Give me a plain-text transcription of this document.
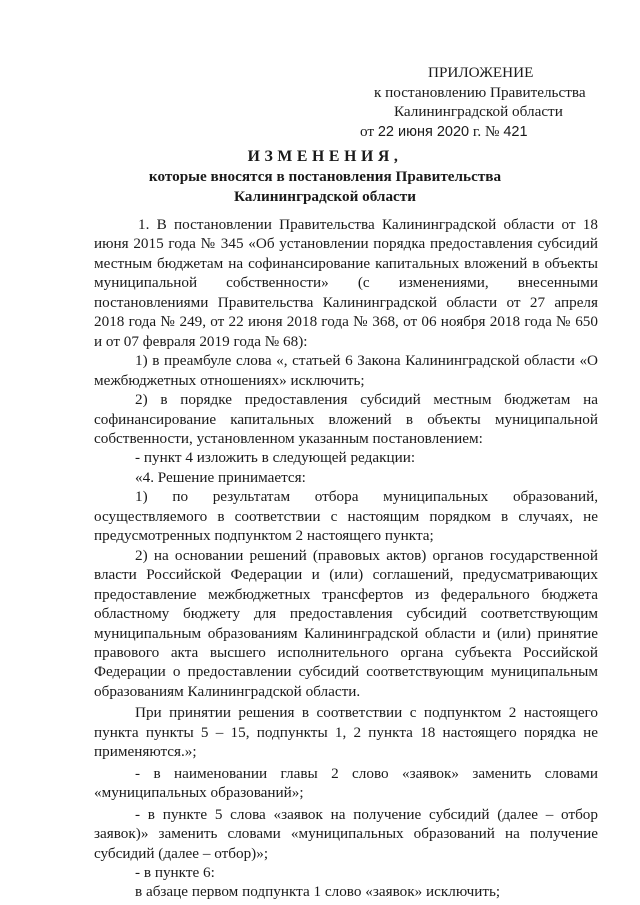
ПРИЛОЖЕНИЕ
к постановлению Правительства
Калининградской области
от 22 июня 2020 г. № 421
ИЗМЕНЕНИЯ,
которые вносятся в постановления Правительства
Калининградской области

1. В постановлении Правительства Калининградской области от 18 июня 2015 года № 345 «Об установлении порядка предоставления субсидий местным бюджетам на софинансирование капитальных вложений в объекты муниципальной собственности» (с изменениями, внесенными постановлениями Правительства Калининградской области от 27 апреля 2018 года № 249, от 22 июня 2018 года № 368, от 06 ноября 2018 года № 650 и от 07 февраля 2019 года № 68):

1) в преамбуле слова «, статьей 6 Закона Калининградской области «О межбюджетных отношениях» исключить;

2) в порядке предоставления субсидий местным бюджетам на софинансирование капитальных вложений в объекты муниципальной собственности, установленном указанным постановлением:

- пункт 4 изложить в следующей редакции:

«4. Решение принимается:

1) по результатам отбора муниципальных образований, осуществляемого в соответствии с настоящим порядком в случаях, не предусмотренных подпунктом 2 настоящего пункта;

2) на основании решений (правовых актов) органов государственной власти Российской Федерации и (или) соглашений, предусматривающих предоставление межбюджетных трансфертов из федерального бюджета областному бюджету для предоставления субсидий соответствующим муниципальным образованиям Калининградской области и (или) принятие правового акта высшего исполнительного органа субъекта Российской Федерации о предоставлении субсидий соответствующим муниципальным образованиям Калининградской области.

При принятии решения в соответствии с подпунктом 2 настоящего пункта пункты 5 – 15, подпункты 1, 2 пункта 18 настоящего порядка не применяются.»;

- в наименовании главы 2 слово «заявок» заменить словами «муниципальных образований»;

- в пункте 5 слова «заявок на получение субсидий (далее – отбор заявок)» заменить словами «муниципальных образований на получение субсидий (далее – отбор)»;

- в пункте 6:

в абзаце первом подпункта 1 слово «заявок» исключить;
